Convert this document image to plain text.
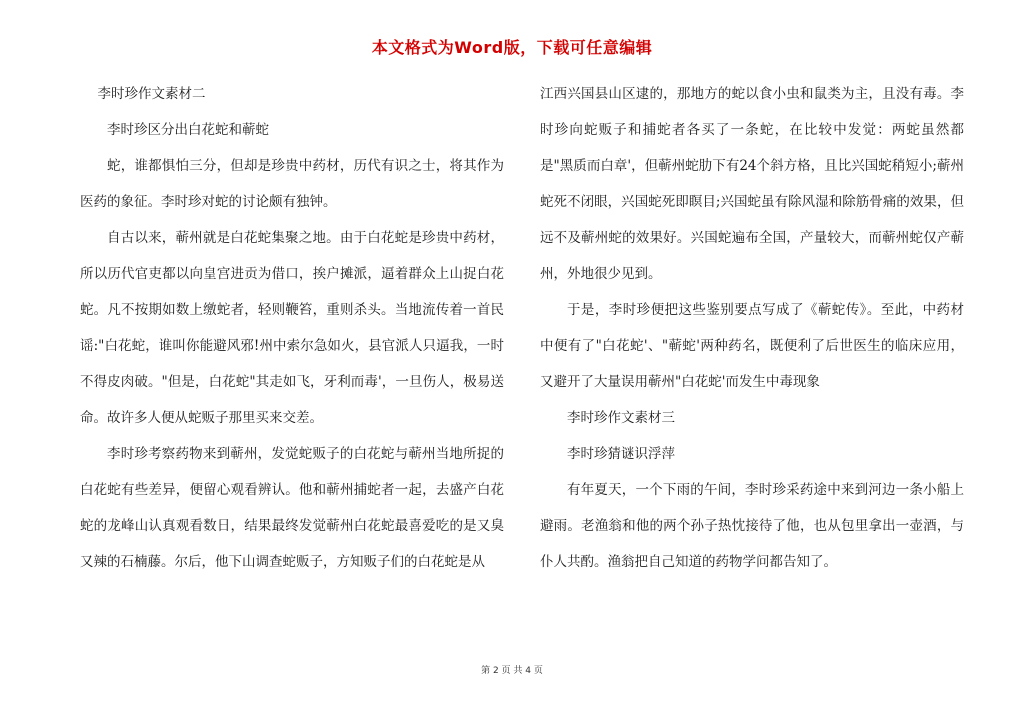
本文格式为Word版，下载可任意编辑

李时珍作文素材二

李时珍区分出白花蛇和蕲蛇

蛇，谁都惧怕三分，但却是珍贵中药材，历代有识之士，将其作为医药的象征。李时珍对蛇的讨论颇有独钟。

自古以来，蕲州就是白花蛇集聚之地。由于白花蛇是珍贵中药材，所以历代官吏都以向皇宫进贡为借口，挨户摊派，逼着群众上山捉白花蛇。凡不按期如数上缴蛇者，轻则鞭笞，重则杀头。当地流传着一首民谣:"白花蛇，谁叫你能避风邪!州中索尔急如火，县官派人只逼我，一时不得皮肉破。"但是，白花蛇"其走如飞，牙利而毒'，一旦伤人，极易送命。故许多人便从蛇贩子那里买来交差。

李时珍考察药物来到蕲州，发觉蛇贩子的白花蛇与蕲州当地所捉的白花蛇有些差异，便留心观看辨认。他和蕲州捕蛇者一起，去盛产白花蛇的龙峰山认真观看数日，结果最终发觉蕲州白花蛇最喜爱吃的是又臭又辣的石楠藤。尔后，他下山调查蛇贩子，方知贩子们的白花蛇是从

江西兴国县山区逮的，那地方的蛇以食小虫和鼠类为主，且没有毒。李时珍向蛇贩子和捕蛇者各买了一条蛇，在比较中发觉：两蛇虽然都是"黑质而白章'，但蕲州蛇肋下有24个斜方格，且比兴国蛇稍短小;蕲州蛇死不闭眼，兴国蛇死即瞑目;兴国蛇虽有除风湿和除筋骨痛的效果，但远不及蕲州蛇的效果好。兴国蛇遍布全国，产量较大，而蕲州蛇仅产蕲州，外地很少见到。

于是，李时珍便把这些鉴别要点写成了《蕲蛇传》。至此，中药材中便有了"白花蛇'、"蕲蛇'两种药名，既便利了后世医生的临床应用，又避开了大量误用蕲州"白花蛇'而发生中毒现象

李时珍作文素材三

李时珍猜谜识浮萍

有年夏天，一个下雨的午间，李时珍采药途中来到河边一条小船上避雨。老渔翁和他的两个孙子热忱接待了他，也从包里拿出一壶酒，与仆人共酌。渔翁把自己知道的药物学问都告知了。

第 2 页 共 4 页
